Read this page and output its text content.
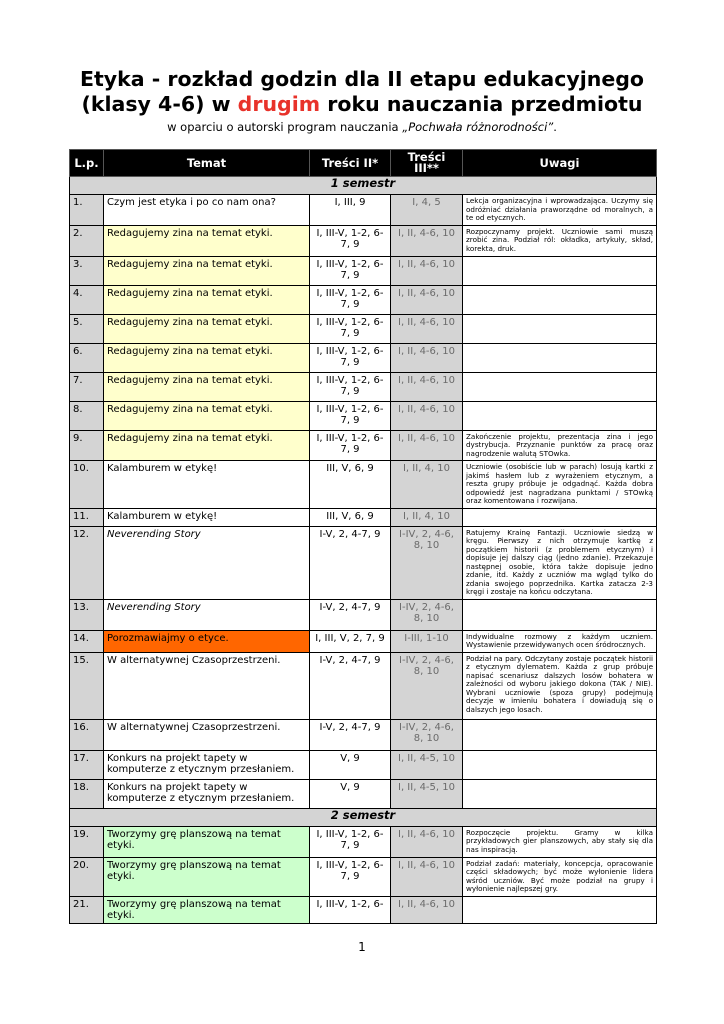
Etyka - rozkład godzin dla II etapu edukacyjnego
(klasy 4-6) w drugim roku nauczania przedmiotu
w oparciu o autorski program nauczania „Pochwała różnorodności”.
L.p.	Temat	Treści II*	Treści III**	Uwagi
1 semestr				
1.	Czym jest etyka i po co nam ona?	I, III, 9	I, 4, 5	Lekcja organizacyjna i wprowadzająca. Uczymy się odróżniać działania praworządne od moralnych, a te od etycznych.
2.	Redagujemy zina na temat etyki.	I, III-V, 1-2, 6-7, 9	I, II, 4-6, 10	Rozpoczynamy projekt. Uczniowie sami muszą zrobić zina. Podział ról: okładka, artykuły, skład, korekta, druk.
3.	Redagujemy zina na temat etyki.	I, III-V, 1-2, 6-7, 9	I, II, 4-6, 10	
4.	Redagujemy zina na temat etyki.	I, III-V, 1-2, 6-7, 9	I, II, 4-6, 10	
5.	Redagujemy zina na temat etyki.	I, III-V, 1-2, 6-7, 9	I, II, 4-6, 10	
6.	Redagujemy zina na temat etyki.	I, III-V, 1-2, 6-7, 9	I, II, 4-6, 10	
7.	Redagujemy zina na temat etyki.	I, III-V, 1-2, 6-7, 9	I, II, 4-6, 10	
8.	Redagujemy zina na temat etyki.	I, III-V, 1-2, 6-7, 9	I, II, 4-6, 10	
9.	Redagujemy zina na temat etyki.	I, III-V, 1-2, 6-7, 9	I, II, 4-6, 10	Zakończenie projektu, prezentacja zina i jego dystrybucja. Przyznanie punktów za pracę oraz nagrodzenie walutą STOwka.
10.	Kalamburem w etykę!	III, V, 6, 9	I, II, 4, 10	Uczniowie (osobiście lub w parach) losują kartki z jakimś hasłem lub z wyrażeniem etycznym, a reszta grupy próbuje je odgadnąć. Każda dobra odpowiedź jest nagradzana punktami / STOwką oraz komentowana i rozwijana.
11.	Kalamburem w etykę!	III, V, 6, 9	I, II, 4, 10	
12.	Neverending Story	I-V, 2, 4-7, 9	I-IV, 2, 4-6, 8, 10	Ratujemy Krainę Fantazji. Uczniowie siedzą w kręgu. Pierwszy z nich otrzymuje kartkę z początkiem historii (z problemem etycznym) i dopisuje jej dalszy ciąg (jedno zdanie). Przekazuje następnej osobie, która także dopisuje jedno zdanie, itd. Każdy z uczniów ma wgląd tylko do zdania swojego poprzednika. Kartka zatacza 2-3 kręgi i zostaje na końcu odczytana.
13.	Neverending Story	I-V, 2, 4-7, 9	I-IV, 2, 4-6, 8, 10	
14.	Porozmawiajmy o etyce.	I, III, V, 2, 7, 9	I-III, 1-10	Indywidualne rozmowy z każdym uczniem. Wystawienie przewidywanych ocen śródrocznych.
15.	W alternatywnej Czasoprzestrzeni.	I-V, 2, 4-7, 9	I-IV, 2, 4-6, 8, 10	Podział na pary. Odczytany zostaje początek historii z etycznym dylematem. Każda z grup próbuje napisać scenariusz dalszych losów bohatera w zależności od wyboru jakiego dokona (TAK / NIE). Wybrani uczniowie (spoza grupy) podejmują decyzje w imieniu bohatera i dowiadują się o dalszych jego losach.
16.	W alternatywnej Czasoprzestrzeni.	I-V, 2, 4-7, 9	I-IV, 2, 4-6, 8, 10	
17.	Konkurs na projekt tapety w komputerze z etycznym przesłaniem.	V, 9	I, II, 4-5, 10	
18.	Konkurs na projekt tapety w komputerze z etycznym przesłaniem.	V, 9	I, II, 4-5, 10	
2 semestr				
19.	Tworzymy grę planszową na temat etyki.	I, III-V, 1-2, 6-7, 9	I, II, 4-6, 10	Rozpoczęcie projektu. Gramy w kilka przykładowych gier planszowych, aby stały się dla nas inspiracją.
20.	Tworzymy grę planszową na temat etyki.	I, III-V, 1-2, 6-7, 9	I, II, 4-6, 10	Podział zadań: materiały, koncepcja, opracowanie części składowych; być może wyłonienie lidera wśród uczniów. Być może podział na grupy i wyłonienie najlepszej gry.
21.	Tworzymy grę planszową na temat etyki.	I, III-V, 1-2, 6-	I, II, 4-6, 10	
1
